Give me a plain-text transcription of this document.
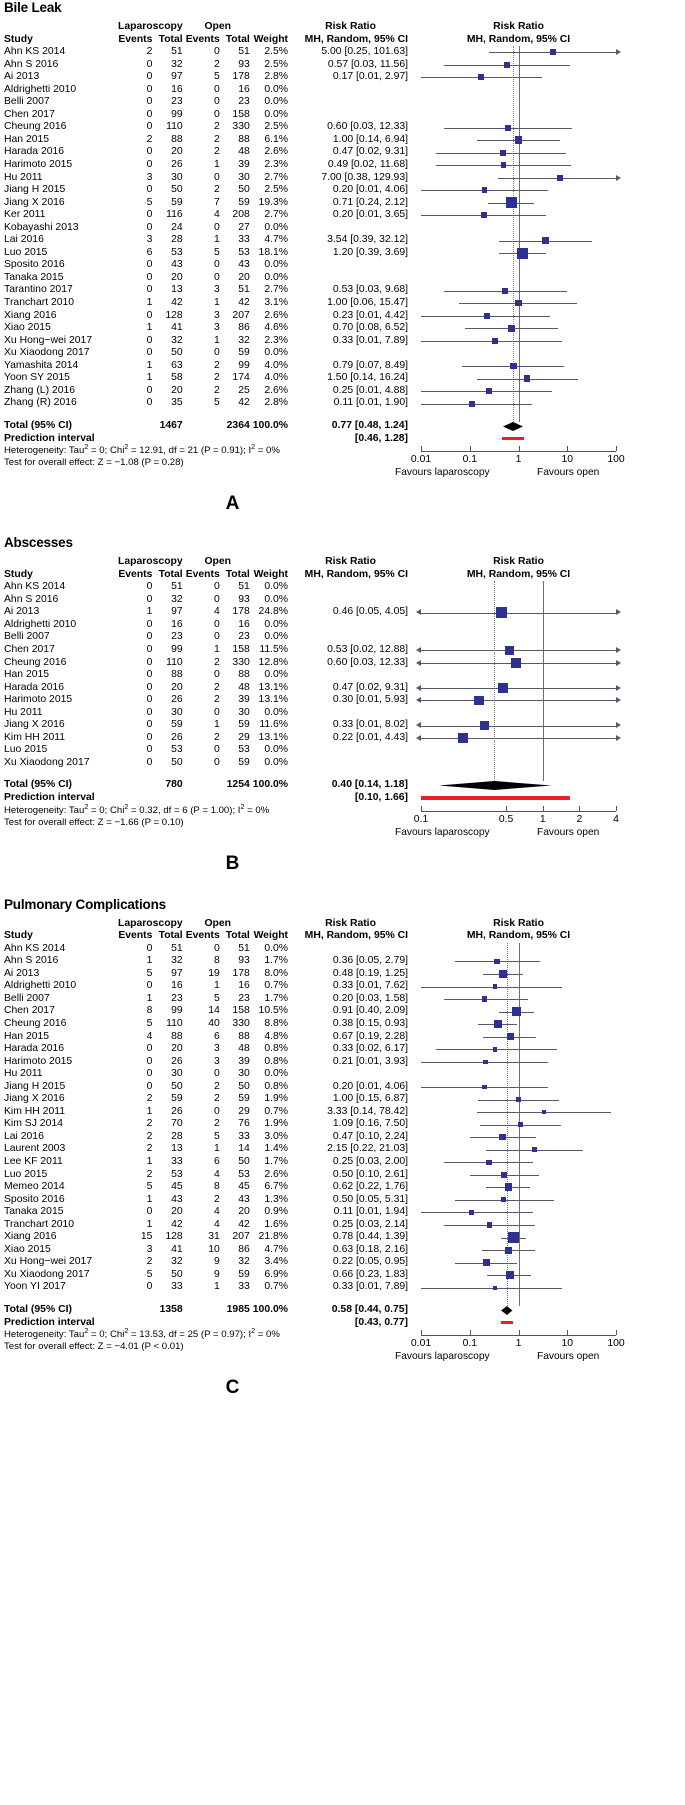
Bile Leak
	Laparoscopy		Open			Risk Ratio
Study	Events	Total	Events	Total	Weight	MH, Random, 95% CI
Ahn KS 2014	2	51	0	51	2.5%	5.00 [0.25, 101.63]
Ahn S 2016	0	32	2	93	2.5%	0.57 [0.03, 11.56]
Ai 2013	0	97	5	178	2.8%	0.17 [0.01, 2.97]
Aldrighetti 2010	0	16	0	16	0.0%	
Belli 2007	0	23	0	23	0.0%	
Chen 2017	0	99	0	158	0.0%	
Cheung 2016	0	110	2	330	2.5%	0.60 [0.03, 12.33]
Han 2015	2	88	2	88	6.1%	1.00 [0.14, 6.94]
Harada 2016	0	20	2	48	2.6%	0.47 [0.02, 9.31]
Harimoto 2015	0	26	1	39	2.3%	0.49 [0.02, 11.68]
Hu 2011	3	30	0	30	2.7%	7.00 [0.38, 129.93]
Jiang H 2015	0	50	2	50	2.5%	0.20 [0.01, 4.06]
Jiang X 2016	5	59	7	59	19.3%	0.71 [0.24, 2.12]
Ker 2011	0	116	4	208	2.7%	0.20 [0.01, 3.65]
Kobayashi 2013	0	24	0	27	0.0%	
Lai 2016	3	28	1	33	4.7%	3.54 [0.39, 32.12]
Luo 2015	6	53	5	53	18.1%	1.20 [0.39, 3.69]
Sposito 2016	0	43	0	43	0.0%	
Tanaka 2015	0	20	0	20	0.0%	
Tarantino 2017	0	13	3	51	2.7%	0.53 [0.03, 9.68]
Tranchart 2010	1	42	1	42	3.1%	1.00 [0.06, 15.47]
Xiang 2016	0	128	3	207	2.6%	0.23 [0.01, 4.42]
Xiao 2015	1	41	3	86	4.6%	0.70 [0.08, 6.52]
Xu Hong−wei 2017	0	32	1	32	2.3%	0.33 [0.01, 7.89]
Xu Xiaodong 2017	0	50	0	59	0.0%	
Yamashita 2014	1	63	2	99	4.0%	0.79 [0.07, 8.49]
Yoon SY 2015	1	58	2	174	4.0%	1.50 [0.14, 16.24]
Zhang (L) 2016	0	20	2	25	2.6%	0.25 [0.01, 4.88]
Zhang (R) 2016	0	35	5	42	2.8%	0.11 [0.01, 1.90]

Total (95% CI)		1467		2364	100.0%	0.77 [0.48, 1.24]
Prediction interval						[0.46, 1.28]
Heterogeneity: Tau$^2$ = 0; Chi$^2$ = 12.91, df = 21 (P = 0.91); $I^2 = 0\%$
Test for overall effect: Z = −1.08 (P = 0.28)
Risk Ratio
MH, Random, 95% CI
0.01	0.1	1	10	100
Favours laparoscopy	Favours open
A
Abscesses
	Laparoscopy		Open			Risk Ratio
Study	Events	Total	Events	Total	Weight	MH, Random, 95% CI
Ahn KS 2014	0	51	0	51	0.0%	
Ahn S 2016	0	32	0	93	0.0%	
Ai 2013	1	97	4	178	24.8%	0.46 [0.05, 4.05]
Aldrighetti 2010	0	16	0	16	0.0%	
Belli 2007	0	23	0	23	0.0%	
Chen 2017	0	99	1	158	11.5%	0.53 [0.02, 12.88]
Cheung 2016	0	110	2	330	12.8%	0.60 [0.03, 12.33]
Han 2015	0	88	0	88	0.0%	
Harada 2016	0	20	2	48	13.1%	0.47 [0.02, 9.31]
Harimoto 2015	0	26	2	39	13.1%	0.30 [0.01, 5.93]
Hu 2011	0	30	0	30	0.0%	
Jiang X 2016	0	59	1	59	11.6%	0.33 [0.01, 8.02]
Kim HH 2011	0	26	2	29	13.1%	0.22 [0.01, 4.43]
Luo 2015	0	53	0	53	0.0%	
Xu Xiaodong 2017	0	50	0	59	0.0%	

Total (95% CI)		780		1254	100.0%	0.40 [0.14, 1.18]
Prediction interval						[0.10, 1.66]
Heterogeneity: Tau$^2$ = 0; Chi$^2$ = 0.32, df = 6 (P = 1.00); $I^2 = 0\%$
Test for overall effect: Z = −1.66 (P = 0.10)
Risk Ratio
MH, Random, 95% CI
0.1	0.5	1	2	4
Favours laparoscopy	Favours open
B
Pulmonary Complications
	Laparoscopy		Open			Risk Ratio
Study	Events	Total	Events	Total	Weight	MH, Random, 95% CI
Ahn KS 2014	0	51	0	51	0.0%	
Ahn S 2016	1	32	8	93	1.7%	0.36 [0.05, 2.79]
Ai 2013	5	97	19	178	8.0%	0.48 [0.19, 1.25]
Aldrighetti 2010	0	16	1	16	0.7%	0.33 [0.01, 7.62]
Belli 2007	1	23	5	23	1.7%	0.20 [0.03, 1.58]
Chen 2017	8	99	14	158	10.5%	0.91 [0.40, 2.09]
Cheung 2016	5	110	40	330	8.8%	0.38 [0.15, 0.93]
Han 2015	4	88	6	88	4.8%	0.67 [0.19, 2.28]
Harada 2016	0	20	3	48	0.8%	0.33 [0.02, 6.17]
Harimoto 2015	0	26	3	39	0.8%	0.21 [0.01, 3.93]
Hu 2011	0	30	0	30	0.0%	
Jiang H 2015	0	50	2	50	0.8%	0.20 [0.01, 4.06]
Jiang X 2016	2	59	2	59	1.9%	1.00 [0.15, 6.87]
Kim HH 2011	1	26	0	29	0.7%	3.33 [0.14, 78.42]
Kim SJ 2014	2	70	2	76	1.9%	1.09 [0.16, 7.50]
Lai 2016	2	28	5	33	3.0%	0.47 [0.10, 2.24]
Laurent 2003	2	13	1	14	1.4%	2.15 [0.22, 21.03]
Lee KF 2011	1	33	6	50	1.7%	0.25 [0.03, 2.00]
Luo 2015	2	53	4	53	2.6%	0.50 [0.10, 2.61]
Memeo 2014	5	45	8	45	6.7%	0.62 [0.22, 1.76]
Sposito 2016	1	43	2	43	1.3%	0.50 [0.05, 5.31]
Tanaka 2015	0	20	4	20	0.9%	0.11 [0.01, 1.94]
Tranchart 2010	1	42	4	42	1.6%	0.25 [0.03, 2.14]
Xiang 2016	15	128	31	207	21.8%	0.78 [0.44, 1.39]
Xiao 2015	3	41	10	86	4.7%	0.63 [0.18, 2.16]
Xu Hong−wei 2017	2	32	9	32	3.4%	0.22 [0.05, 0.95]
Xu Xiaodong 2017	5	50	9	59	6.9%	0.66 [0.23, 1.83]
Yoon YI 2017	0	33	1	33	0.7%	0.33 [0.01, 7.89]

Total (95% CI)		1358		1985	100.0%	0.58 [0.44, 0.75]
Prediction interval						[0.43, 0.77]
Heterogeneity: Tau$^2$ = 0; Chi$^2$ = 13.53, df = 25 (P = 0.97); $I^2 = 0\%$
Test for overall effect: Z = −4.01 (P < 0.01)
Risk Ratio
MH, Random, 95% CI
0.01	0.1	1	10	100
Favours laparoscopy	Favours open
C
